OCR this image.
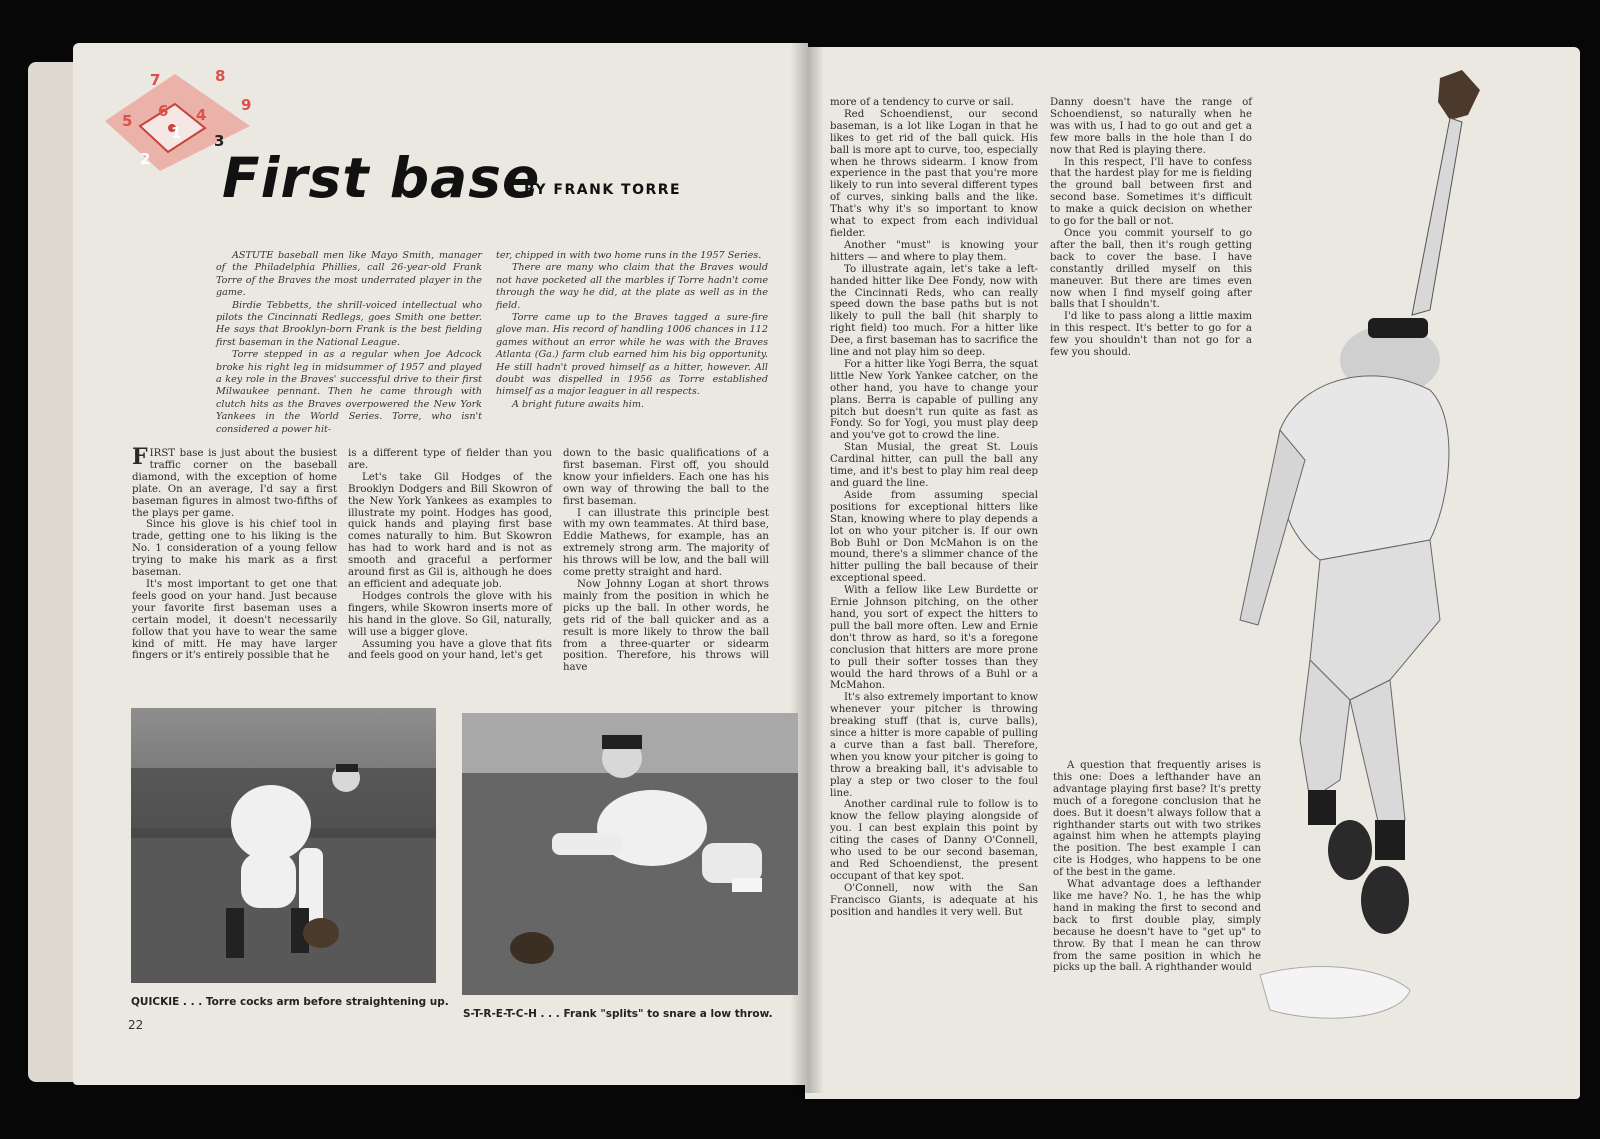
7	8
5
6 4
9
1 3
2 First base
BY FRANK TORRE

ASTUTE baseball men like Mayo Smith, manager of the Philadelphia Phillies, call 26-year-old Frank Torre of the Braves the most underrated player in the game.

Birdie Tebbetts, the shrill-voiced intellectual who pilots the Cincinnati Redlegs, goes Smith one better. He says that Brooklyn-born Frank is the best fielding first baseman in the National League.

Torre stepped in as a regular when Joe Adcock broke his right leg in midsummer of 1957 and played a key role in the Braves' successful drive to their first Milwaukee pennant. Then he came through with clutch hits as the Braves overpowered the New York Yankees in the World Series. Torre, who isn't considered a power hit-

ter, chipped in with two home runs in the 1957 Series.

There are many who claim that the Braves would not have pocketed all the marbles if Torre hadn't come through the way he did, at the plate as well as in the field.

Torre came up to the Braves tagged a sure-fire glove man. His record of handling 1006 chances in 112 games without an error while he was with the Braves Atlanta (Ga.) farm club earned him his big opportunity. He still hadn't proved himself as a hitter, however. All doubt was dispelled in 1956 as Torre established himself as a major leaguer in all respects.

A bright future awaits him.

FIRST base is just about the busiest traffic corner on the baseball diamond, with the exception of home plate. On an average, I'd say a first baseman figures in almost two-fifths of the plays per game.

Since his glove is his chief tool in trade, getting one to his liking is the No. 1 consideration of a young fellow trying to make his mark as a first baseman.

It's most important to get one that feels good on your hand. Just because your favorite first baseman uses a certain model, it doesn't necessarily follow that you have to wear the same kind of mitt. He may have larger fingers or it's entirely possible that he

is a different type of fielder than you are.

Let's take Gil Hodges of the Brooklyn Dodgers and Bill Skowron of the New York Yankees as examples to illustrate my point. Hodges has good, quick hands and playing first base comes naturally to him. But Skowron has had to work hard and is not as smooth and graceful a performer around first as Gil is, although he does an efficient and adequate job.

Hodges controls the glove with his fingers, while Skowron inserts more of his hand in the glove. So Gil, naturally, will use a bigger glove.

Assuming you have a glove that fits and feels good on your hand, let's get

down to the basic qualifications of a first baseman. First off, you should know your infielders. Each one has his own way of throwing the ball to the first baseman.

I can illustrate this principle best with my own teammates. At third base, Eddie Mathews, for example, has an extremely strong arm. The majority of his throws will be low, and the ball will come pretty straight and hard.

Now Johnny Logan at short throws mainly from the position in which he picks up the ball. In other words, he gets rid of the ball quicker and as a result is more likely to throw the ball from a three-quarter or sidearm position. Therefore, his throws will have

QUICKIE . . . Torre cocks arm before straightening up.
S-T-R-E-T-C-H . . . Frank "splits" to snare a low throw.
22

more of a tendency to curve or sail.

Red Schoendienst, our second baseman, is a lot like Logan in that he likes to get rid of the ball quick. His ball is more apt to curve, too, especially when he throws sidearm. I know from experience in the past that you're more likely to run into several different types of curves, sinking balls and the like. That's why it's so important to know what to expect from each individual fielder.

Another "must" is knowing your hitters — and where to play them.

To illustrate again, let's take a left-handed hitter like Dee Fondy, now with the Cincinnati Reds, who can really speed down the base paths but is not likely to pull the ball (hit sharply to right field) too much. For a hitter like Dee, a first baseman has to sacrifice the line and not play him so deep.

For a hitter like Yogi Berra, the squat little New York Yankee catcher, on the other hand, you have to change your plans. Berra is capable of pulling any pitch but doesn't run quite as fast as Fondy. So for Yogi, you must play deep and you've got to crowd the line.

Stan Musial, the great St. Louis Cardinal hitter, can pull the ball any time, and it's best to play him real deep and guard the line.

Aside from assuming special positions for exceptional hitters like Stan, knowing where to play depends a lot on who your pitcher is. If our own Bob Buhl or Don McMahon is on the mound, there's a slimmer chance of the hitter pulling the ball because of their exceptional speed.

With a fellow like Lew Burdette or Ernie Johnson pitching, on the other hand, you sort of expect the hitters to pull the ball more often. Lew and Ernie don't throw as hard, so it's a foregone conclusion that hitters are more prone to pull their softer tosses than they would the hard throws of a Buhl or a McMahon.

It's also extremely important to know whenever your pitcher is throwing breaking stuff (that is, curve balls), since a hitter is more capable of pulling a curve than a fast ball. Therefore, when you know your pitcher is going to throw a breaking ball, it's advisable to play a step or two closer to the foul line.

Another cardinal rule to follow is to know the fellow playing alongside of you. I can best explain this point by citing the cases of Danny O'Connell, who used to be our second baseman, and Red Schoendienst, the present occupant of that key spot.

O'Connell, now with the San Francisco Giants, is adequate at his position and handles it very well. But

Danny doesn't have the range of Schoendienst, so naturally when he was with us, I had to go out and get a few more balls in the hole than I do now that Red is playing there.

In this respect, I'll have to confess that the hardest play for me is fielding the ground ball between first and second base. Sometimes it's difficult to make a quick decision on whether to go for the ball or not.

Once you commit yourself to go after the ball, then it's rough getting back to cover the base. I have constantly drilled myself on this maneuver. But there are times even now when I find myself going after balls that I shouldn't.

I'd like to pass along a little maxim in this respect. It's better to go for a few you shouldn't than not go for a few you should.

A question that frequently arises is this one: Does a lefthander have an advantage playing first base? It's pretty much of a foregone conclusion that he does. But it doesn't always follow that a righthander starts out with two strikes against him when he attempts playing the position. The best example I can cite is Hodges, who happens to be one of the best in the game.

What advantage does a lefthander like me have? No. 1, he has the whip hand in making the first to second and back to first double play, simply because he doesn't have to "get up" to throw. By that I mean he can throw from the same position in which he picks up the ball. A righthander would
